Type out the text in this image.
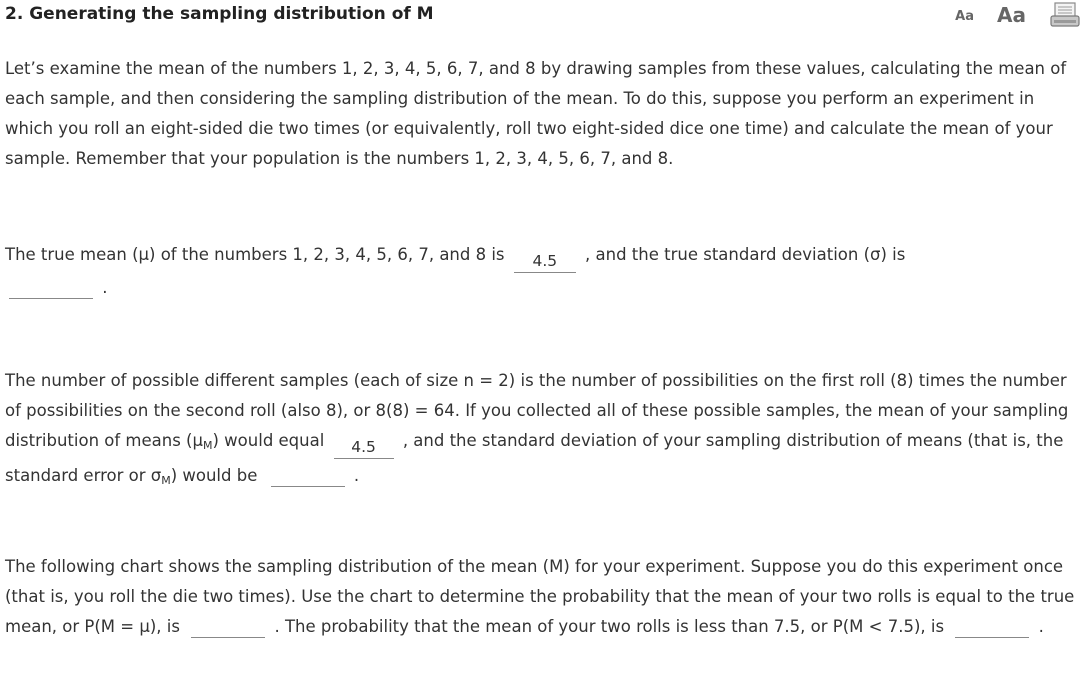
2. Generating the sampling distribution of M	Aa Aa
Let’s examine the mean of the numbers 1, 2, 3, 4, 5, 6, 7, and 8 by drawing samples from these values, calculating the mean of each sample, and then considering the sampling distribution of the mean. To do this, suppose you perform an experiment in which you roll an eight-sided die two times (or equivalently, roll two eight-sided dice one time) and calculate the mean of your sample. Remember that your population is the numbers 1, 2, 3, 4, 5, 6, 7, and 8.
The true mean (μ) of the numbers 1, 2, 3, 4, 5, 6, 7, and 8 is 4.5 , and the true standard deviation (σ) is
.
The number of possible different samples (each of size n = 2) is the number of possibilities on the first roll (8) times the number of possibilities on the second roll (also 8), or 8(8) = 64. If you collected all of these possible samples, the mean of your sampling distribution of means $(\mu_M)$ would equal 4.5 , and the standard deviation of your sampling distribution of means (that is, the standard error or $\sigma_M$) would be	.
The following chart shows the sampling distribution of the mean (M) for your experiment. Suppose you do this experiment once (that is, you roll the die two times). Use the chart to determine the probability that the mean of your two rolls is equal to the true mean, or P(M = μ), is	. The probability that the mean of your two rolls is less than 7.5, or P(M < 7.5), is	.
